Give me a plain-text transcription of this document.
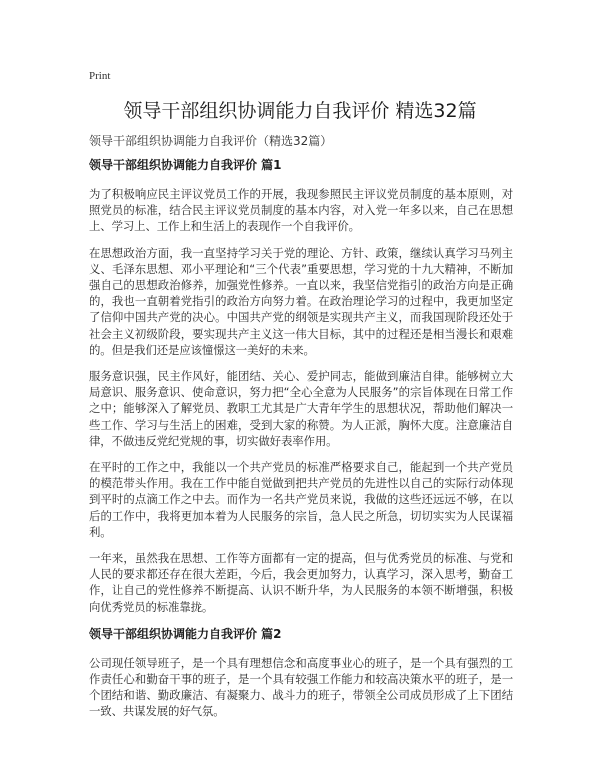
Print
领导干部组织协调能力自我评价 精选32篇
领导干部组织协调能力自我评价（精选32篇）
领导干部组织协调能力自我评价 篇1

为了积极响应民主评议党员工作的开展，我现参照民主评议党员制度的基本原则，对照党员的标准，结合民主评议党员制度的基本内容，对入党一年多以来，自己在思想上、学习上、工作上和生活上的表现作一个自我评价。

在思想政治方面，我一直坚持学习关于党的理论、方针、政策，继续认真学习马列主义、毛泽东思想、邓小平理论和“三个代表”重要思想，学习党的十九大精神，不断加强自己的思想政治修养，加强党性修养。一直以来，我坚信党指引的政治方向是正确的，我也一直朝着党指引的政治方向努力着。在政治理论学习的过程中，我更加坚定了信仰中国共产党的决心。中国共产党的纲领是实现共产主义，而我国现阶段还处于社会主义初级阶段，要实现共产主义这一伟大目标，其中的过程还是相当漫长和艰难的。但是我们还是应该憧憬这一美好的未来。

服务意识强，民主作风好，能团结、关心、爱护同志，能做到廉洁自律。能够树立大局意识、服务意识、使命意识，努力把“全心全意为人民服务”的宗旨体现在日常工作之中；能够深入了解党员、教职工尤其是广大青年学生的思想状况，帮助他们解决一些工作、学习与生活上的困难，受到大家的称赞。为人正派，胸怀大度。注意廉洁自律，不做违反党纪党规的事，切实做好表率作用。

在平时的工作之中，我能以一个共产党员的标准严格要求自己，能起到一个共产党员的模范带头作用。我在工作中能自觉做到把共产党员的先进性以自己的实际行动体现到平时的点滴工作之中去。而作为一名共产党员来说，我做的这些还远远不够，在以后的工作中，我将更加本着为人民服务的宗旨，急人民之所急，切切实实为人民谋福利。

一年来，虽然我在思想、工作等方面都有一定的提高，但与优秀党员的标准、与党和人民的要求都还存在很大差距，今后，我会更加努力，认真学习，深入思考，勤奋工作，让自己的党性修养不断提高、认识不断升华，为人民服务的本领不断增强，积极向优秀党员的标准靠拢。

领导干部组织协调能力自我评价 篇2

公司现任领导班子，是一个具有理想信念和高度事业心的班子，是一个具有强烈的工作责任心和勤奋干事的班子，是一个具有较强工作能力和较高决策水平的班子，是一个团结和谐、勤政廉洁、有凝聚力、战斗力的班子，带领全公司成员形成了上下团结一致、共谋发展的好气氛。
